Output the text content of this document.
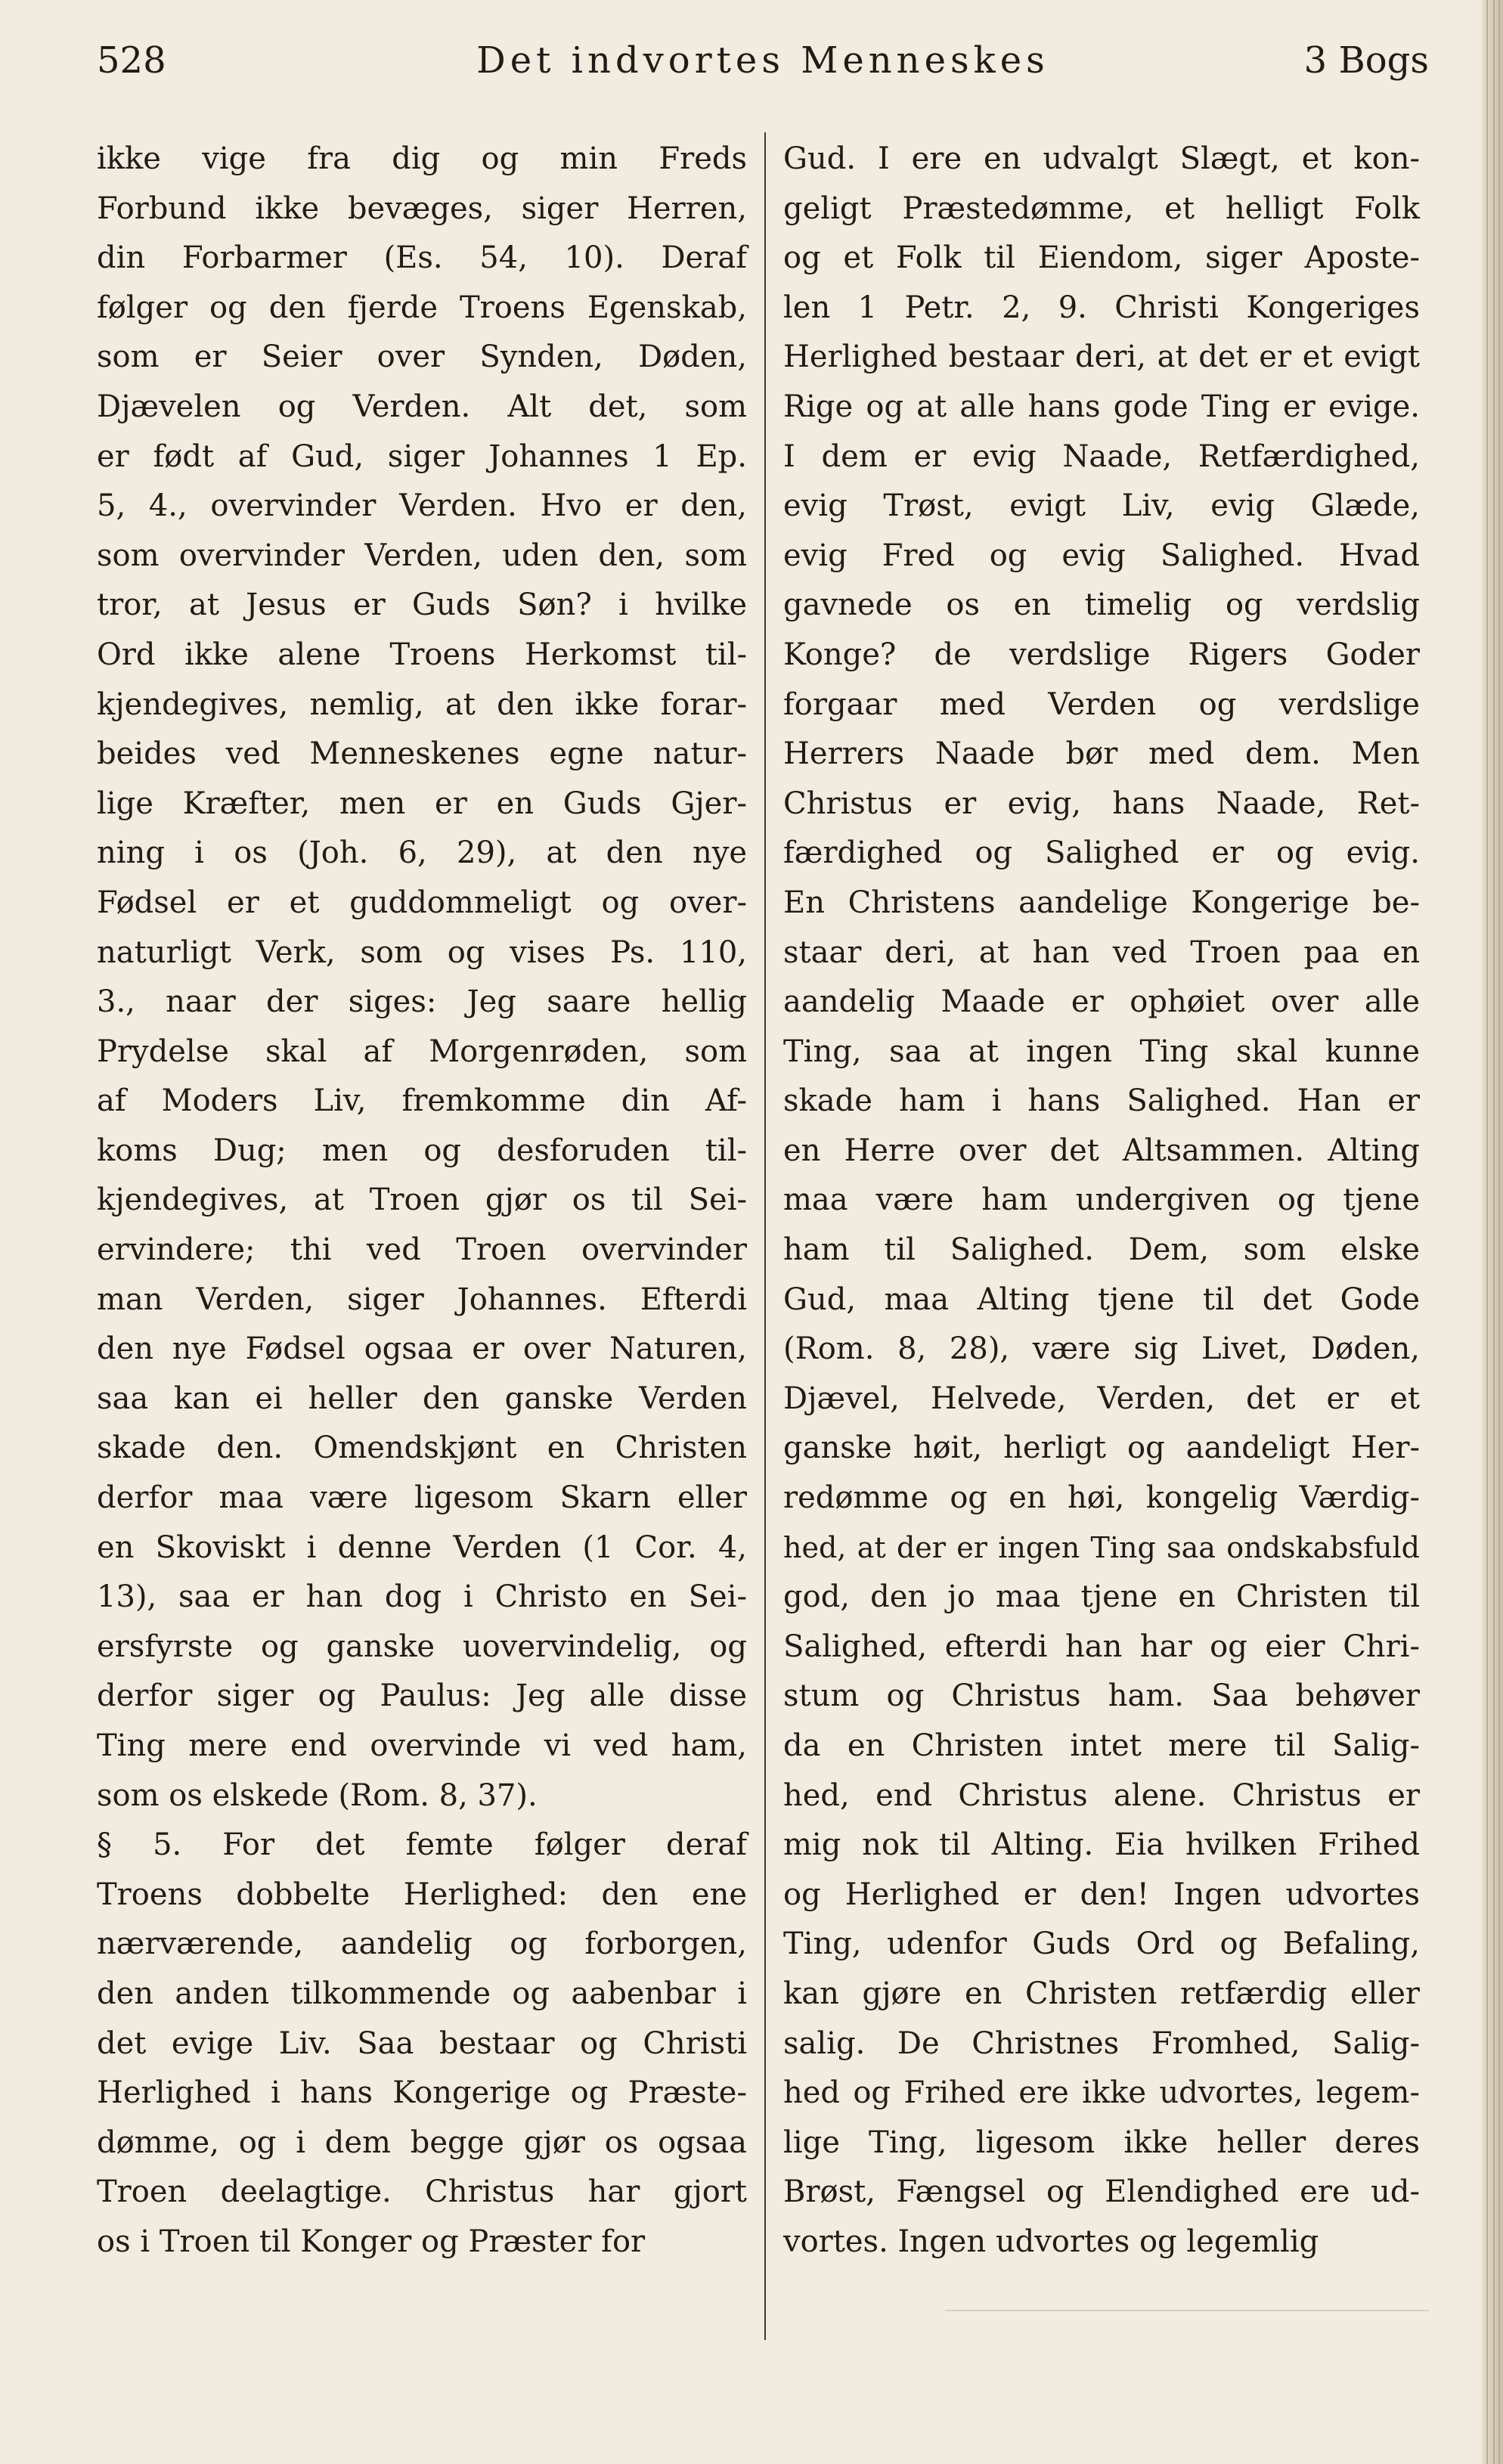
528	Det indvortes Menneskes	3 Bogs
ikke vige fra dig og min Freds
Forbund ikke bevæges, siger Herren,
din Forbarmer (Es. 54, 10). Deraf
følger og den fjerde Troens Egenskab,
som er Seier over Synden, Døden,
Djævelen og Verden. Alt det, som
er født af Gud, siger Johannes 1 Ep.
5, 4., overvinder Verden. Hvo er den,
som overvinder Verden, uden den, som
tror, at Jesus er Guds Søn? i hvilke
Ord ikke alene Troens Herkomst til-
kjendegives, nemlig, at den ikke forar-
beides ved Menneskenes egne natur-
lige Kræfter, men er en Guds Gjer-
ning i os (Joh. 6, 29), at den nye
Fødsel er et guddommeligt og over-
naturligt Verk, som og vises Ps. 110,
3., naar der siges: Jeg saare hellig
Prydelse skal af Morgenrøden, som
af Moders Liv, fremkomme din Af-
koms Dug; men og desforuden til-
kjendegives, at Troen gjør os til Sei-
ervindere; thi ved Troen overvinder
man Verden, siger Johannes. Efterdi
den nye Fødsel ogsaa er over Naturen,
saa kan ei heller den ganske Verden
skade den. Omendskjønt en Christen
derfor maa være ligesom Skarn eller
en Skoviskt i denne Verden (1 Cor. 4,
13), saa er han dog i Christo en Sei-
ersfyrste og ganske uovervindelig, og
derfor siger og Paulus: Jeg alle disse
Ting mere end overvinde vi ved ham,
som os elskede (Rom. 8, 37).
§ 5. For det femte følger deraf
Troens dobbelte Herlighed: den ene
nærværende, aandelig og forborgen,
den anden tilkommende og aabenbar i
det evige Liv. Saa bestaar og Christi
Herlighed i hans Kongerige og Præste-
dømme, og i dem begge gjør os ogsaa
Troen deelagtige. Christus har gjort
os i Troen til Konger og Præster for
Gud. I ere en udvalgt Slægt, et kon-
geligt Præstedømme, et helligt Folk
og et Folk til Eiendom, siger Aposte-
len 1 Petr. 2, 9. Christi Kongeriges
Herlighed bestaar deri, at det er et evigt
Rige og at alle hans gode Ting er evige.
I dem er evig Naade, Retfærdighed,
evig Trøst, evigt Liv, evig Glæde,
evig Fred og evig Salighed. Hvad
gavnede os en timelig og verdslig
Konge? de verdslige Rigers Goder
forgaar med Verden og verdslige
Herrers Naade bør med dem. Men
Christus er evig, hans Naade, Ret-
færdighed og Salighed er og evig.
En Christens aandelige Kongerige be-
staar deri, at han ved Troen paa en
aandelig Maade er ophøiet over alle
Ting, saa at ingen Ting skal kunne
skade ham i hans Salighed. Han er
en Herre over det Altsammen. Alting
maa være ham undergiven og tjene
ham til Salighed. Dem, som elske
Gud, maa Alting tjene til det Gode
(Rom. 8, 28), være sig Livet, Døden,
Djævel, Helvede, Verden, det er et
ganske høit, herligt og aandeligt Her-
redømme og en høi, kongelig Værdig-
hed, at der er ingen Ting saa ondskabsfuld
god, den jo maa tjene en Christen til
Salighed, efterdi han har og eier Chri-
stum og Christus ham. Saa behøver
da en Christen intet mere til Salig-
hed, end Christus alene. Christus er
mig nok til Alting. Eia hvilken Frihed
og Herlighed er den! Ingen udvortes
Ting, udenfor Guds Ord og Befaling,
kan gjøre en Christen retfærdig eller
salig. De Christnes Fromhed, Salig-
hed og Frihed ere ikke udvortes, legem-
lige Ting, ligesom ikke heller deres
Brøst, Fængsel og Elendighed ere ud-
vortes. Ingen udvortes og legemlig
